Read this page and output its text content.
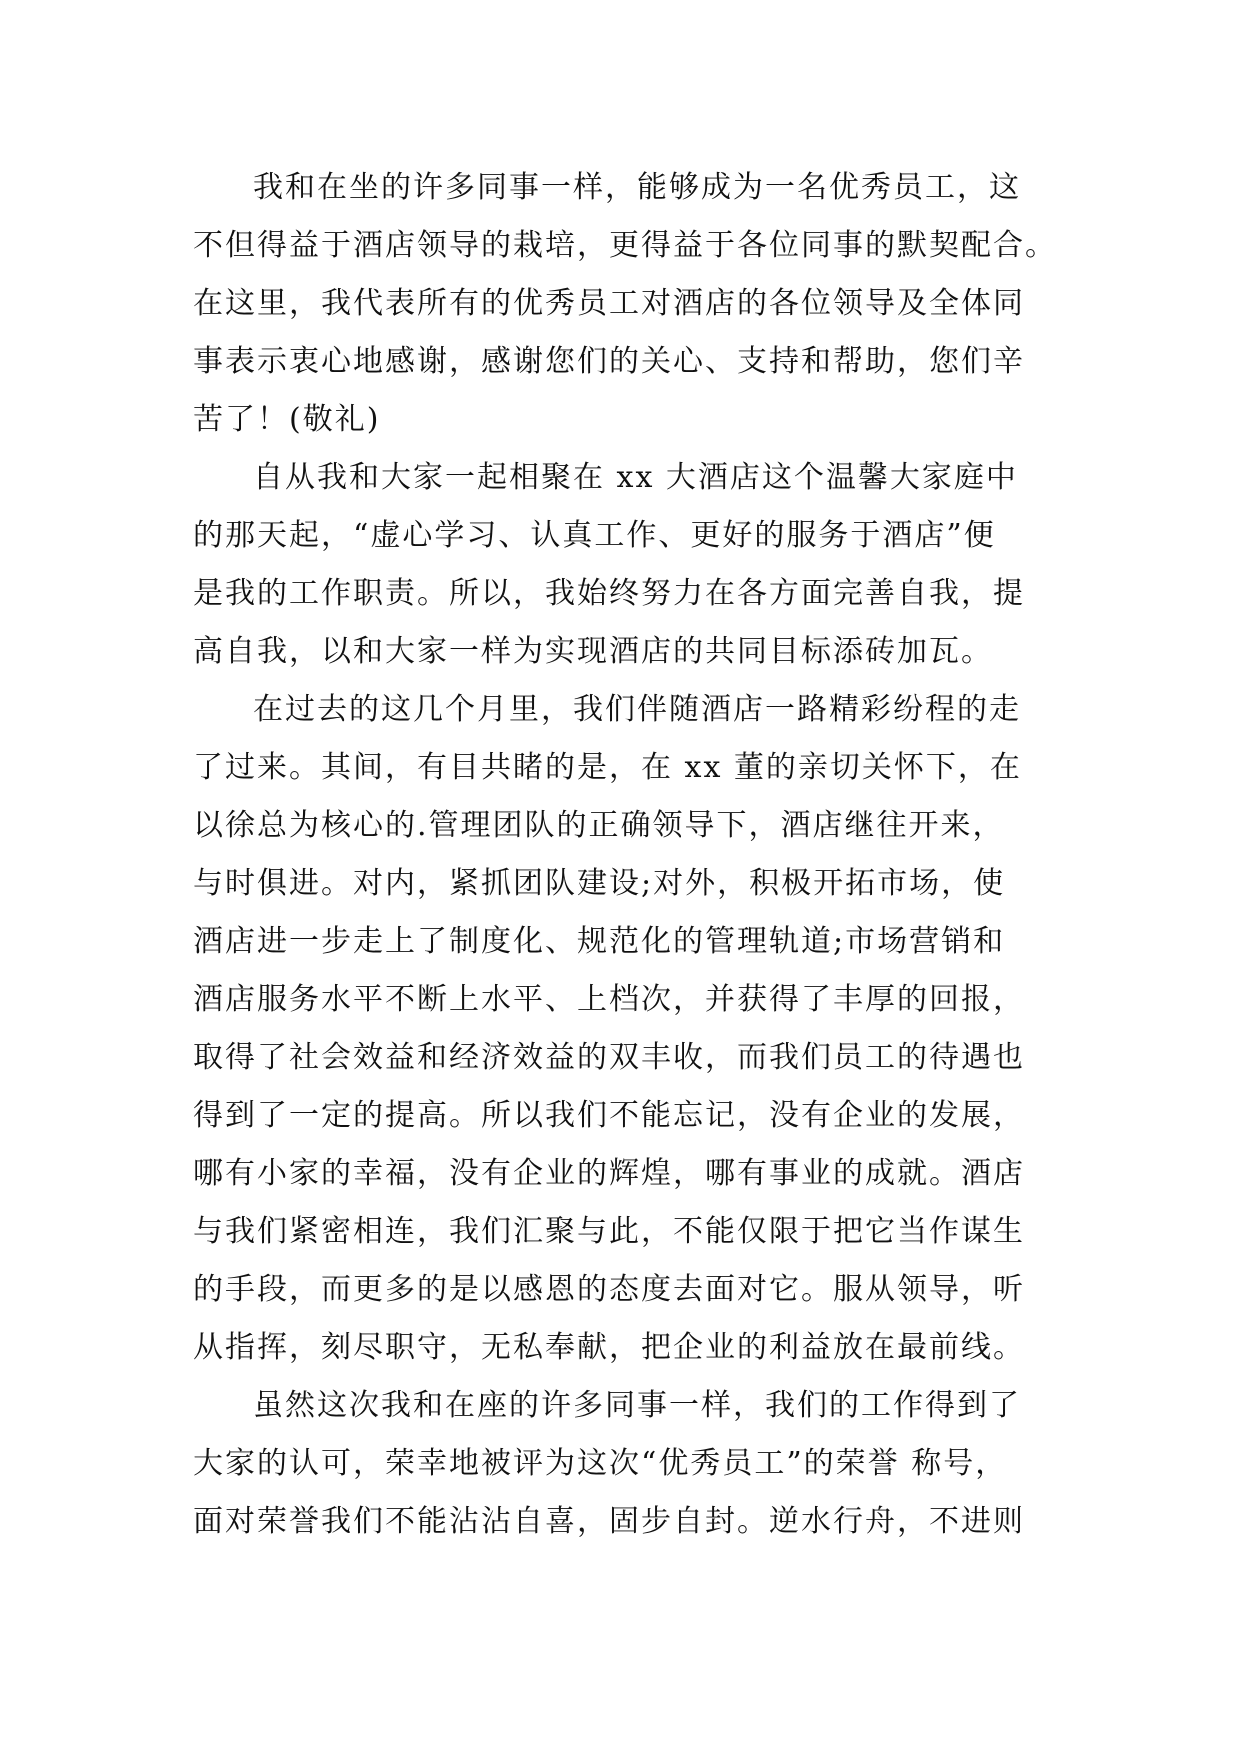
我和在坐的许多同事一样，能够成为一名优秀员工，这
不但得益于酒店领导的栽培，更得益于各位同事的默契配合。
在这里，我代表所有的优秀员工对酒店的各位领导及全体同
事表示衷心地感谢，感谢您们的关心、支持和帮助，您们辛
苦了！(敬礼)
自从我和大家一起相聚在 xx 大酒店这个温馨大家庭中
的那天起，“虚心学习、认真工作、更好的服务于酒店”便
是我的工作职责。所以，我始终努力在各方面完善自我，提
高自我，以和大家一样为实现酒店的共同目标添砖加瓦。
在过去的这几个月里，我们伴随酒店一路精彩纷程的走
了过来。其间，有目共睹的是，在 xx 董的亲切关怀下，在
以徐总为核心的.管理团队的正确领导下，酒店继往开来，
与时俱进。对内，紧抓团队建设;对外，积极开拓市场，使
酒店进一步走上了制度化、规范化的管理轨道;市场营销和
酒店服务水平不断上水平、上档次，并获得了丰厚的回报，
取得了社会效益和经济效益的双丰收，而我们员工的待遇也
得到了一定的提高。所以我们不能忘记，没有企业的发展，
哪有小家的幸福，没有企业的辉煌，哪有事业的成就。酒店
与我们紧密相连，我们汇聚与此，不能仅限于把它当作谋生
的手段，而更多的是以感恩的态度去面对它。服从领导，听
从指挥，刻尽职守，无私奉献，把企业的利益放在最前线。
虽然这次我和在座的许多同事一样，我们的工作得到了
大家的认可，荣幸地被评为这次“优秀员工”的荣誉 称号，
面对荣誉我们不能沾沾自喜，固步自封。逆水行舟，不进则
